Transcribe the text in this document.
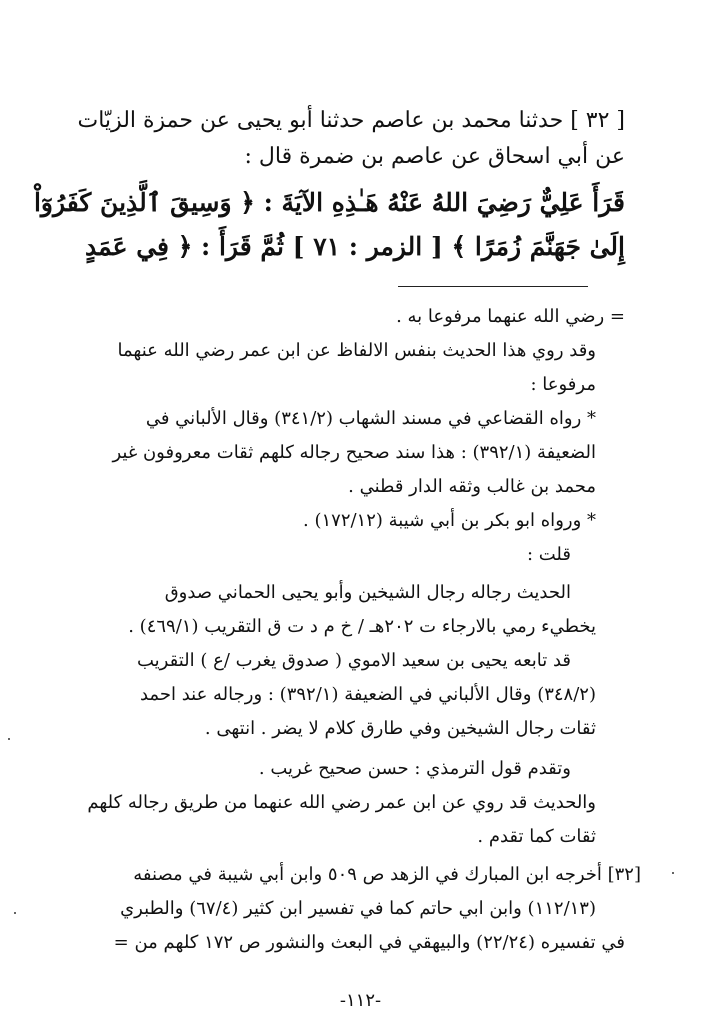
[ ٣٢ ] حدثنا محمد بن عاصم حدثنا أبو يحيى عن حمزة الزيّات
عن أبي اسحاق عن عاصم بن ضمرة قال :
قَرَأَ عَلِيٌّ رَضِيَ اللهُ عَنْهُ هَـٰذِهِ الآيَةَ : ﴿ وَسِيقَ ٱلَّذِينَ كَفَرُوٓاْ
إِلَىٰ جَهَنَّمَ زُمَرًا ﴾ [ الزمر : ٧١ ] ثُمَّ قَرَأَ : ﴿ فِي عَمَدٍ
= رضي الله عنهما مرفوعا به .
وقد روي هذا الحديث بنفس الالفاظ عن ابن عمر رضي الله عنهما
مرفوعا :
* رواه القضاعي في مسند الشهاب (٣٤١/٢) وقال الألباني في
الضعيفة (٣٩٢/١) : هذا سند صحيح رجاله كلهم ثقات معروفون غير
محمد بن غالب وثقه الدار قطني .
* ورواه ابو بكر بن أبي شيبة (١٧٢/١٢) .
قلت :
الحديث رجاله رجال الشيخين وأبو يحيى الحماني صدوق
يخطيء رمي بالارجاء ت ٢٠٢هـ / خ م د ت ق التقريب (٤٦٩/١) .
قد تابعه يحيى بن سعيد الاموي ( صدوق يغرب /ع ) التقريب
(٣٤٨/٢) وقال الألباني في الضعيفة (٣٩٢/١) : ورجاله عند احمد
ثقات رجال الشيخين وفي طارق كلام لا يضر . انتهى .
وتقدم قول الترمذي : حسن صحيح غريب .
والحديث قد روي عن ابن عمر رضي الله عنهما من طريق رجاله كلهم
ثقات كما تقدم .
[٣٢] أخرجه ابن المبارك في الزهد ص ٥٠٩ وابن أبي شيبة في مصنفه
(١١٢/١٣) وابن ابي حاتم كما في تفسير ابن كثير (٦٧/٤) والطبري
في تفسيره (٢٢/٢٤) والبيهقي في البعث والنشور ص ١٧٢ كلهم من =
-١١٢-
